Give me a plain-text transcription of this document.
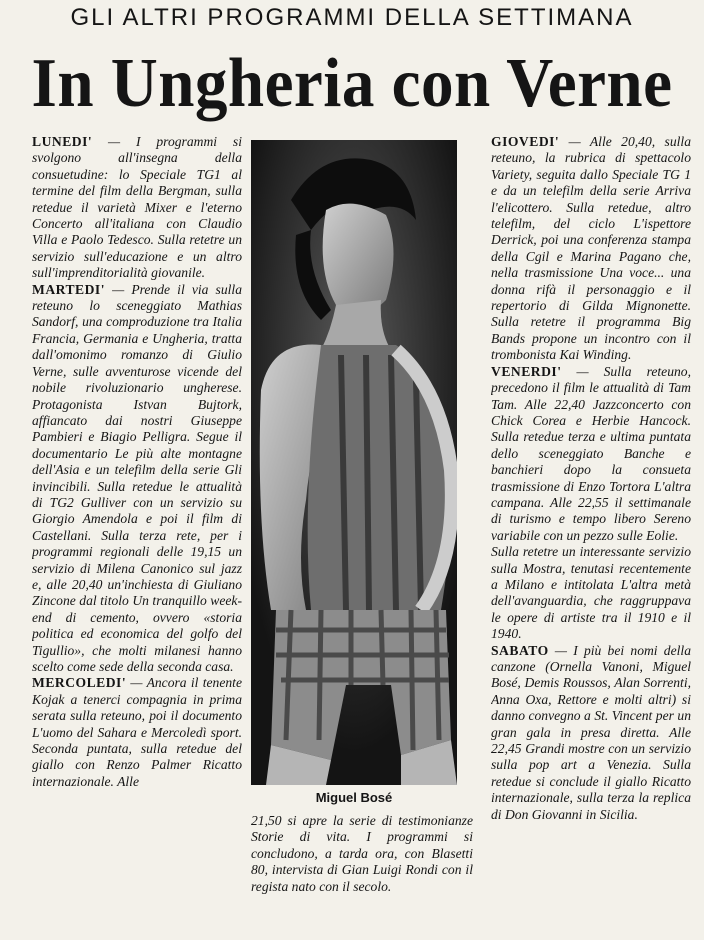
GLI ALTRI PROGRAMMI DELLA SETTIMANA
In Ungheria con Verne

LUNEDI' — I programmi si svolgono all'insegna della consuetudine: lo Speciale TG1 al termine del film della Bergman, sulla retedue il varietà Mixer e l'eterno Concerto all'italiana con Claudio Villa e Paolo Tedesco. Sulla retetre un servizio sull'educazione e un altro sull'imprenditorialità giovanile.

MARTEDI' — Prende il via sulla reteuno lo sceneggiato Mathias Sandorf, una comproduzione tra Italia Francia, Germania e Ungheria, tratta dall'omonimo romanzo di Giulio Verne, sulle avventurose vicende del nobile rivoluzionario ungherese. Protagonista Istvan Bujtork, affiancato dai nostri Giuseppe Pambieri e Biagio Pelligra. Segue il documentario Le più alte montagne dell'Asia e un telefilm della serie Gli invincibili. Sulla retedue le attualità di TG2 Gulliver con un servizio su Giorgio Amendola e poi il film di Castellani. Sulla terza rete, per i programmi regionali delle 19,15 un servizio di Milena Canonico sul jazz e, alle 20,40 un'inchiesta di Giuliano Zincone dal titolo Un tranquillo week-end di cemento, ovvero «storia politica ed economica del golfo del Tigullio», che molti milanesi hanno scelto come sede della seconda casa.

MERCOLEDI' — Ancora il tenente Kojak a tenerci compagnia in prima serata sulla reteuno, poi il documento L'uomo del Sahara e Mercoledì sport. Seconda puntata, sulla retedue del giallo con Renzo Palmer Ricatto internazionale. Alle

Miguel Bosé

21,50 si apre la serie di testimonianze Storie di vita. I programmi si concludono, a tarda ora, con Blasetti 80, intervista di Gian Luigi Rondi con il regista nato con il secolo.

GIOVEDI' — Alle 20,40, sulla reteuno, la rubrica di spettacolo Variety, seguita dallo Speciale TG 1 e da un telefilm della serie Arriva l'elicottero. Sulla retedue, altro telefilm, del ciclo L'ispettore Derrick, poi una conferenza stampa della Cgil e Marina Pagano che, nella trasmissione Una voce... una donna rifà il personaggio e il repertorio di Gilda Mignonette. Sulla retetre il programma Big Bands propone un incontro con il trombonista Kai Winding.

VENERDI' — Sulla reteuno, precedono il film le attualità di Tam Tam. Alle 22,40 Jazzconcerto con Chick Corea e Herbie Hancock. Sulla retedue terza e ultima puntata dello sceneggiato Banche e banchieri dopo la consueta trasmissione di Enzo Tortora L'altra campana. Alle 22,55 il settimanale di turismo e tempo libero Sereno variabile con un pezzo sulle Eolie.

Sulla retetre un interessante servizio sulla Mostra, tenutasi recentemente a Milano e intitolata L'altra metà dell'avanguardia, che raggruppava le opere di artiste tra il 1910 e il 1940.

SABATO — I più bei nomi della canzone (Ornella Vanoni, Miguel Bosé, Demis Roussos, Alan Sorrenti, Anna Oxa, Rettore e molti altri) si danno convegno a St. Vincent per un gran gala in presa diretta. Alle 22,45 Grandi mostre con un servizio sulla pop art a Venezia. Sulla retedue si conclude il giallo Ricatto internazionale, sulla terza la replica di Don Giovanni in Sicilia.
